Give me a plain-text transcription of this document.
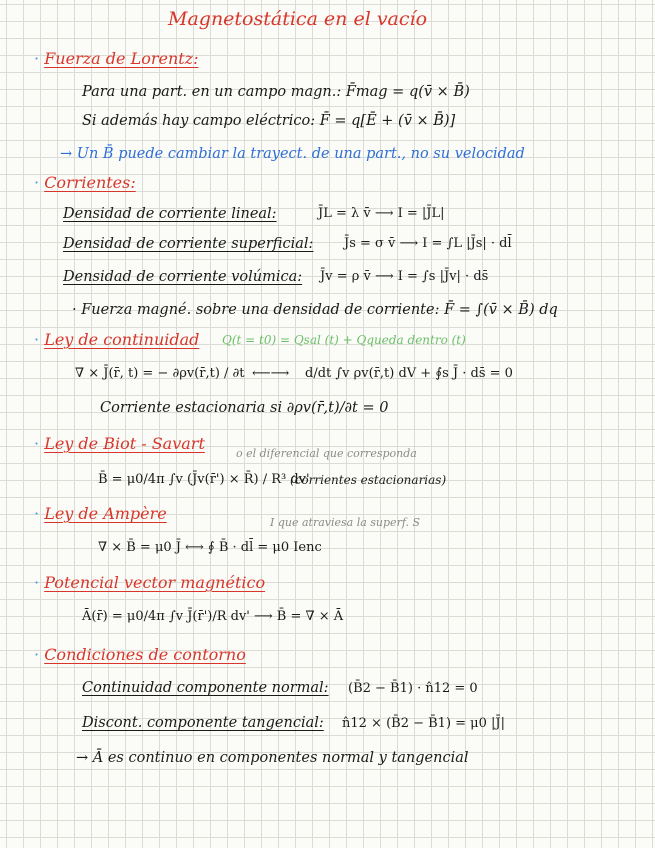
Magnetostática en el vacío
· Fuerza de Lorentz:
Para una part. en un campo magn.: F̄mag = q(v̄ × B̄)
Si además hay campo eléctrico: F̄ = q[Ē + (v̄ × B̄)]
→ Un B̄ puede cambiar la trayect. de una part., no su velocidad
· Corrientes:
Densidad de corriente lineal:	J̄L = λ v̄ ⟶ I = |J̄L|
Densidad de corriente superficial: J̄s = σ v̄ ⟶ I = ∫L |J̄s| · dl̄
Densidad de corriente volúmica: J̄v = ρ v̄ ⟶ I = ∫s |J̄v| · ds̄
· Fuerza magné. sobre una densidad de corriente: F̄ = ∫(v̄ × B̄) dq
· Ley de continuidad Q(t = t0) = Qsal (t) + Qqueda dentro (t)
∇ × J̄(r̄, t) = − ∂ρv(r̄,t) / ∂t ⟵⟶ d/dt ∫v ρv(r̄,t) dV + ∮s J̄ · ds̄ = 0
Corriente estacionaria si ∂ρv(r̄,t)/∂t = 0
· Ley de Biot - Savart
o el diferencial que corresponda
B̄ = μ0/4π ∫v (J̄v(r̄') × R̄) / R³ dv'
(corrientes estacionarias)
· Ley de Ampère	I que atraviesa la superf. S
∇ × B̄ = μ0 J̄ ⟷ ∮ B̄ · dl̄ = μ0 Ienc
· Potencial vector magnético
Ā(r̄) = μ0/4π ∫v J̄(r̄')/R dv' ⟶ B̄ = ∇ × Ā
· Condiciones de contorno
Continuidad componente normal: (B̄2 − B̄1) · n̂12 = 0
Discont. componente tangencial: n̂12 × (B̄2 − B̄1) = μ0 |J̄|
→ Ā es continuo en componentes normal y tangencial
